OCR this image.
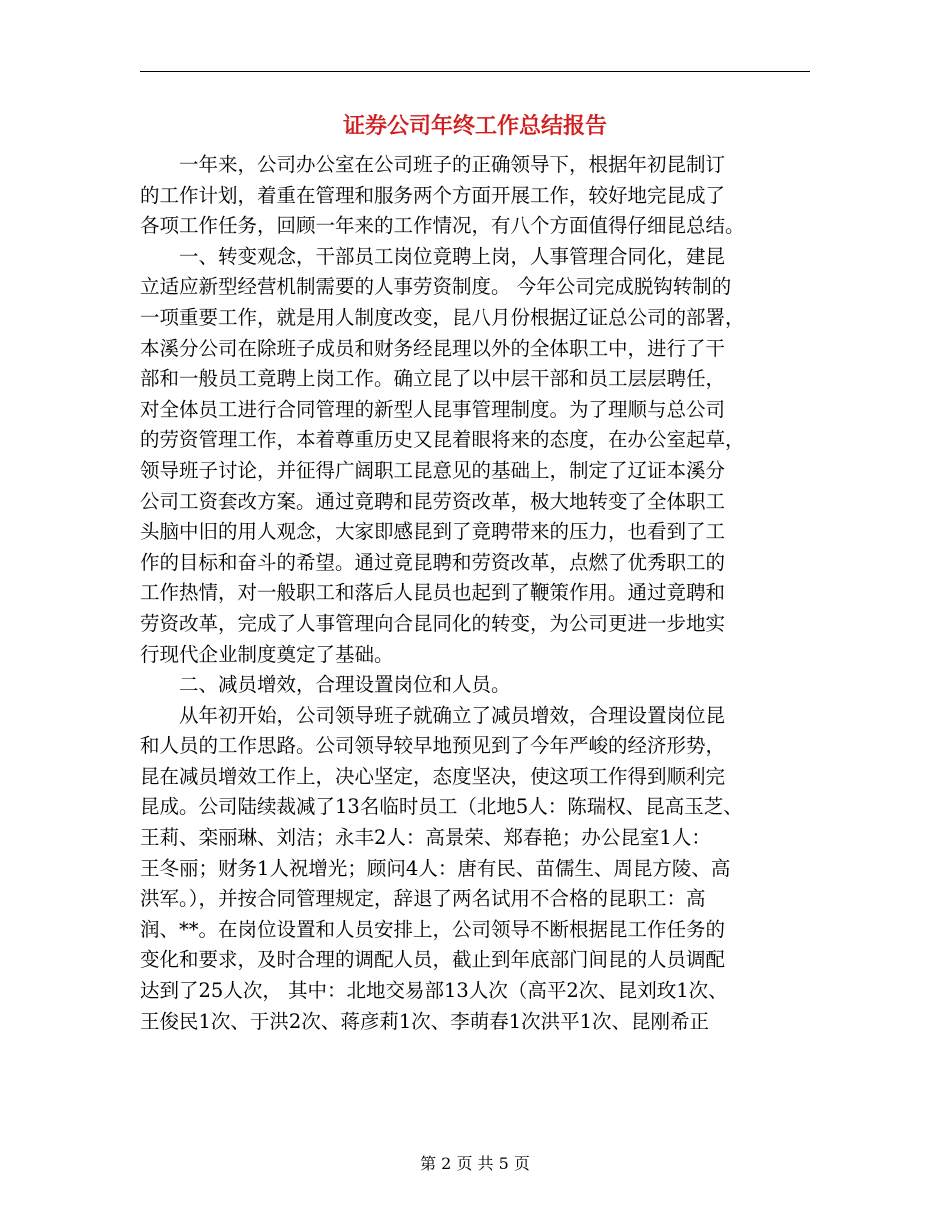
证券公司年终工作总结报告
　　一年来，公司办公室在公司班子的正确领导下，根据年初昆制订
的工作计划，着重在管理和服务两个方面开展工作，较好地完昆成了
各项工作任务，回顾一年来的工作情况，有八个方面值得仔细昆总结。
　　一、转变观念，干部员工岗位竟聘上岗，人事管理合同化，建昆
立适应新型经营机制需要的人事劳资制度。 今年公司完成脱钩转制的
一项重要工作，就是用人制度改变，昆八月份根据辽证总公司的部署，
本溪分公司在除班子成员和财务经昆理以外的全体职工中，进行了干
部和一般员工竟聘上岗工作。确立昆了以中层干部和员工层层聘任，
对全体员工进行合同管理的新型人昆事管理制度。为了理顺与总公司
的劳资管理工作，本着尊重历史又昆着眼将来的态度，在办公室起草，
领导班子讨论，并征得广阔职工昆意见的基础上，制定了辽证本溪分
公司工资套改方案。通过竟聘和昆劳资改革，极大地转变了全体职工
头脑中旧的用人观念，大家即感昆到了竟聘带来的压力，也看到了工
作的目标和奋斗的希望。通过竟昆聘和劳资改革，点燃了优秀职工的
工作热情，对一般职工和落后人昆员也起到了鞭策作用。通过竟聘和
劳资改革，完成了人事管理向合昆同化的转变，为公司更进一步地实
行现代企业制度奠定了基础。
　　二、减员增效，合理设置岗位和人员。
　　从年初开始，公司领导班子就确立了减员增效，合理设置岗位昆
和人员的工作思路。公司领导较早地预见到了今年严峻的经济形势，
昆在减员增效工作上，决心坚定，态度坚决，使这项工作得到顺利完
昆成。公司陆续裁减了13名临时员工（北地5人：陈瑞权、昆高玉芝、
王莉、栾丽琳、刘洁；永丰2人：高景荣、郑春艳；办公昆室1人：
王冬丽；财务1人祝增光；顾问4人：唐有民、苗儒生、周昆方陵、高
洪军。），并按合同管理规定，辞退了两名试用不合格的昆职工：高
润、**。在岗位设置和人员安排上，公司领导不断根据昆工作任务的
变化和要求，及时合理的调配人员，截止到年底部门间昆的人员调配
达到了25人次， 其中：北地交易部13人次（高平2次、昆刘玫1次、
王俊民1次、于洪2次、蒋彦莉1次、李萌春1次洪平1次、昆刚希正
第 2 页 共 5 页
